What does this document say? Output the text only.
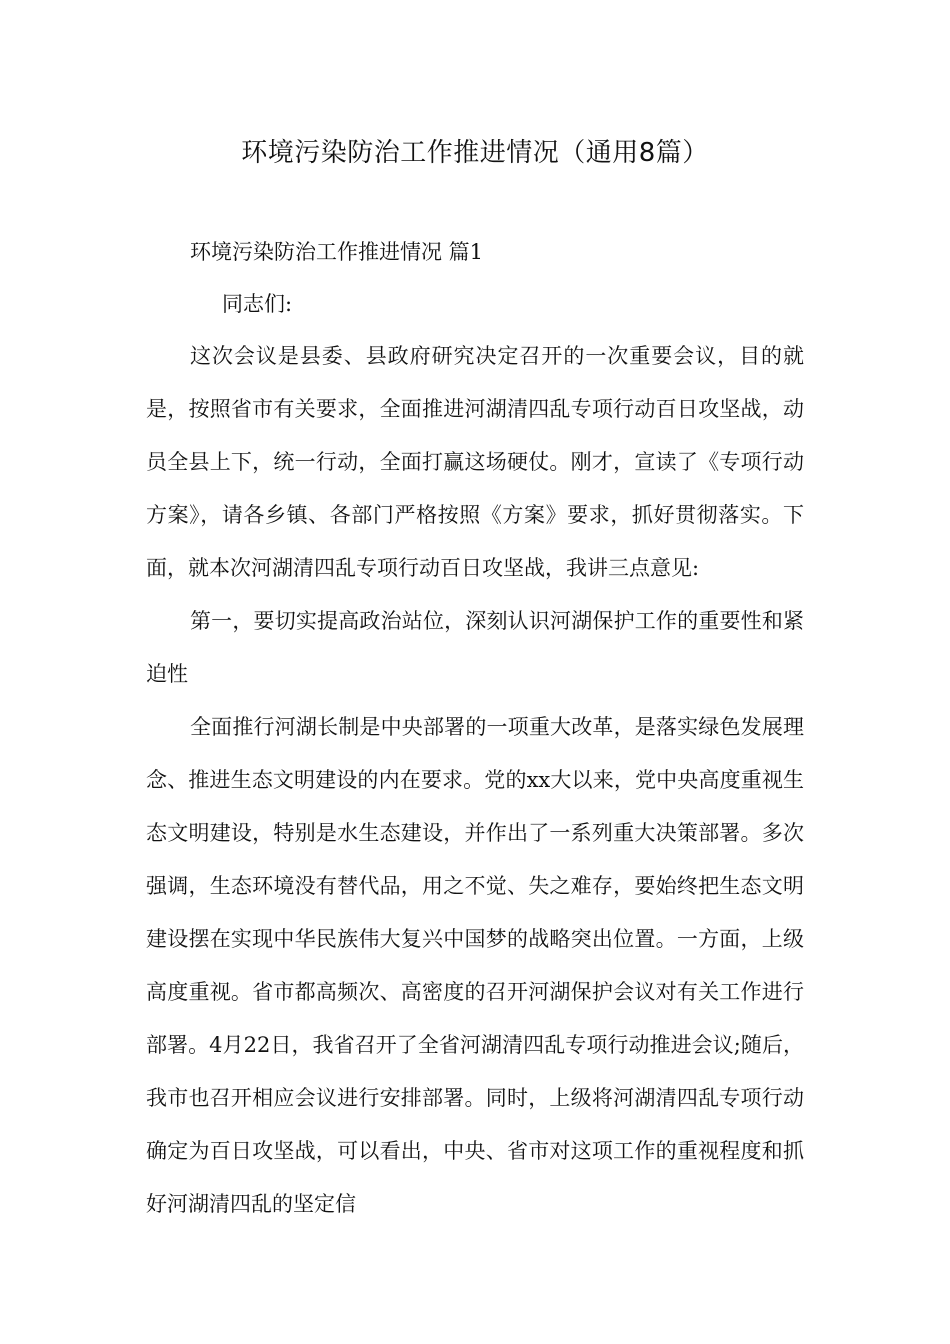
环境污染防治工作推进情况（通用8篇）
环境污染防治工作推进情况 篇1

同志们:

这次会议是县委、县政府研究决定召开的一次重要会议，目的就是，按照省市有关要求，全面推进河湖清四乱专项行动百日攻坚战，动员全县上下，统一行动，全面打赢这场硬仗。刚才，宣读了《专项行动方案》，请各乡镇、各部门严格按照《方案》要求，抓好贯彻落实。下面，就本次河湖清四乱专项行动百日攻坚战，我讲三点意见:

第一，要切实提高政治站位，深刻认识河湖保护工作的重要性和紧迫性

全面推行河湖长制是中央部署的一项重大改革，是落实绿色发展理念、推进生态文明建设的内在要求。党的xx大以来，党中央高度重视生态文明建设，特别是水生态建设，并作出了一系列重大决策部署。多次强调，生态环境没有替代品，用之不觉、失之难存，要始终把生态文明建设摆在实现中华民族伟大复兴中国梦的战略突出位置。一方面，上级高度重视。省市都高频次、高密度的召开河湖保护会议对有关工作进行部署。4月22日，我省召开了全省河湖清四乱专项行动推进会议;随后，我市也召开相应会议进行安排部署。同时，上级将河湖清四乱专项行动确定为百日攻坚战，可以看出，中央、省市对这项工作的重视程度和抓好河湖清四乱的坚定信
